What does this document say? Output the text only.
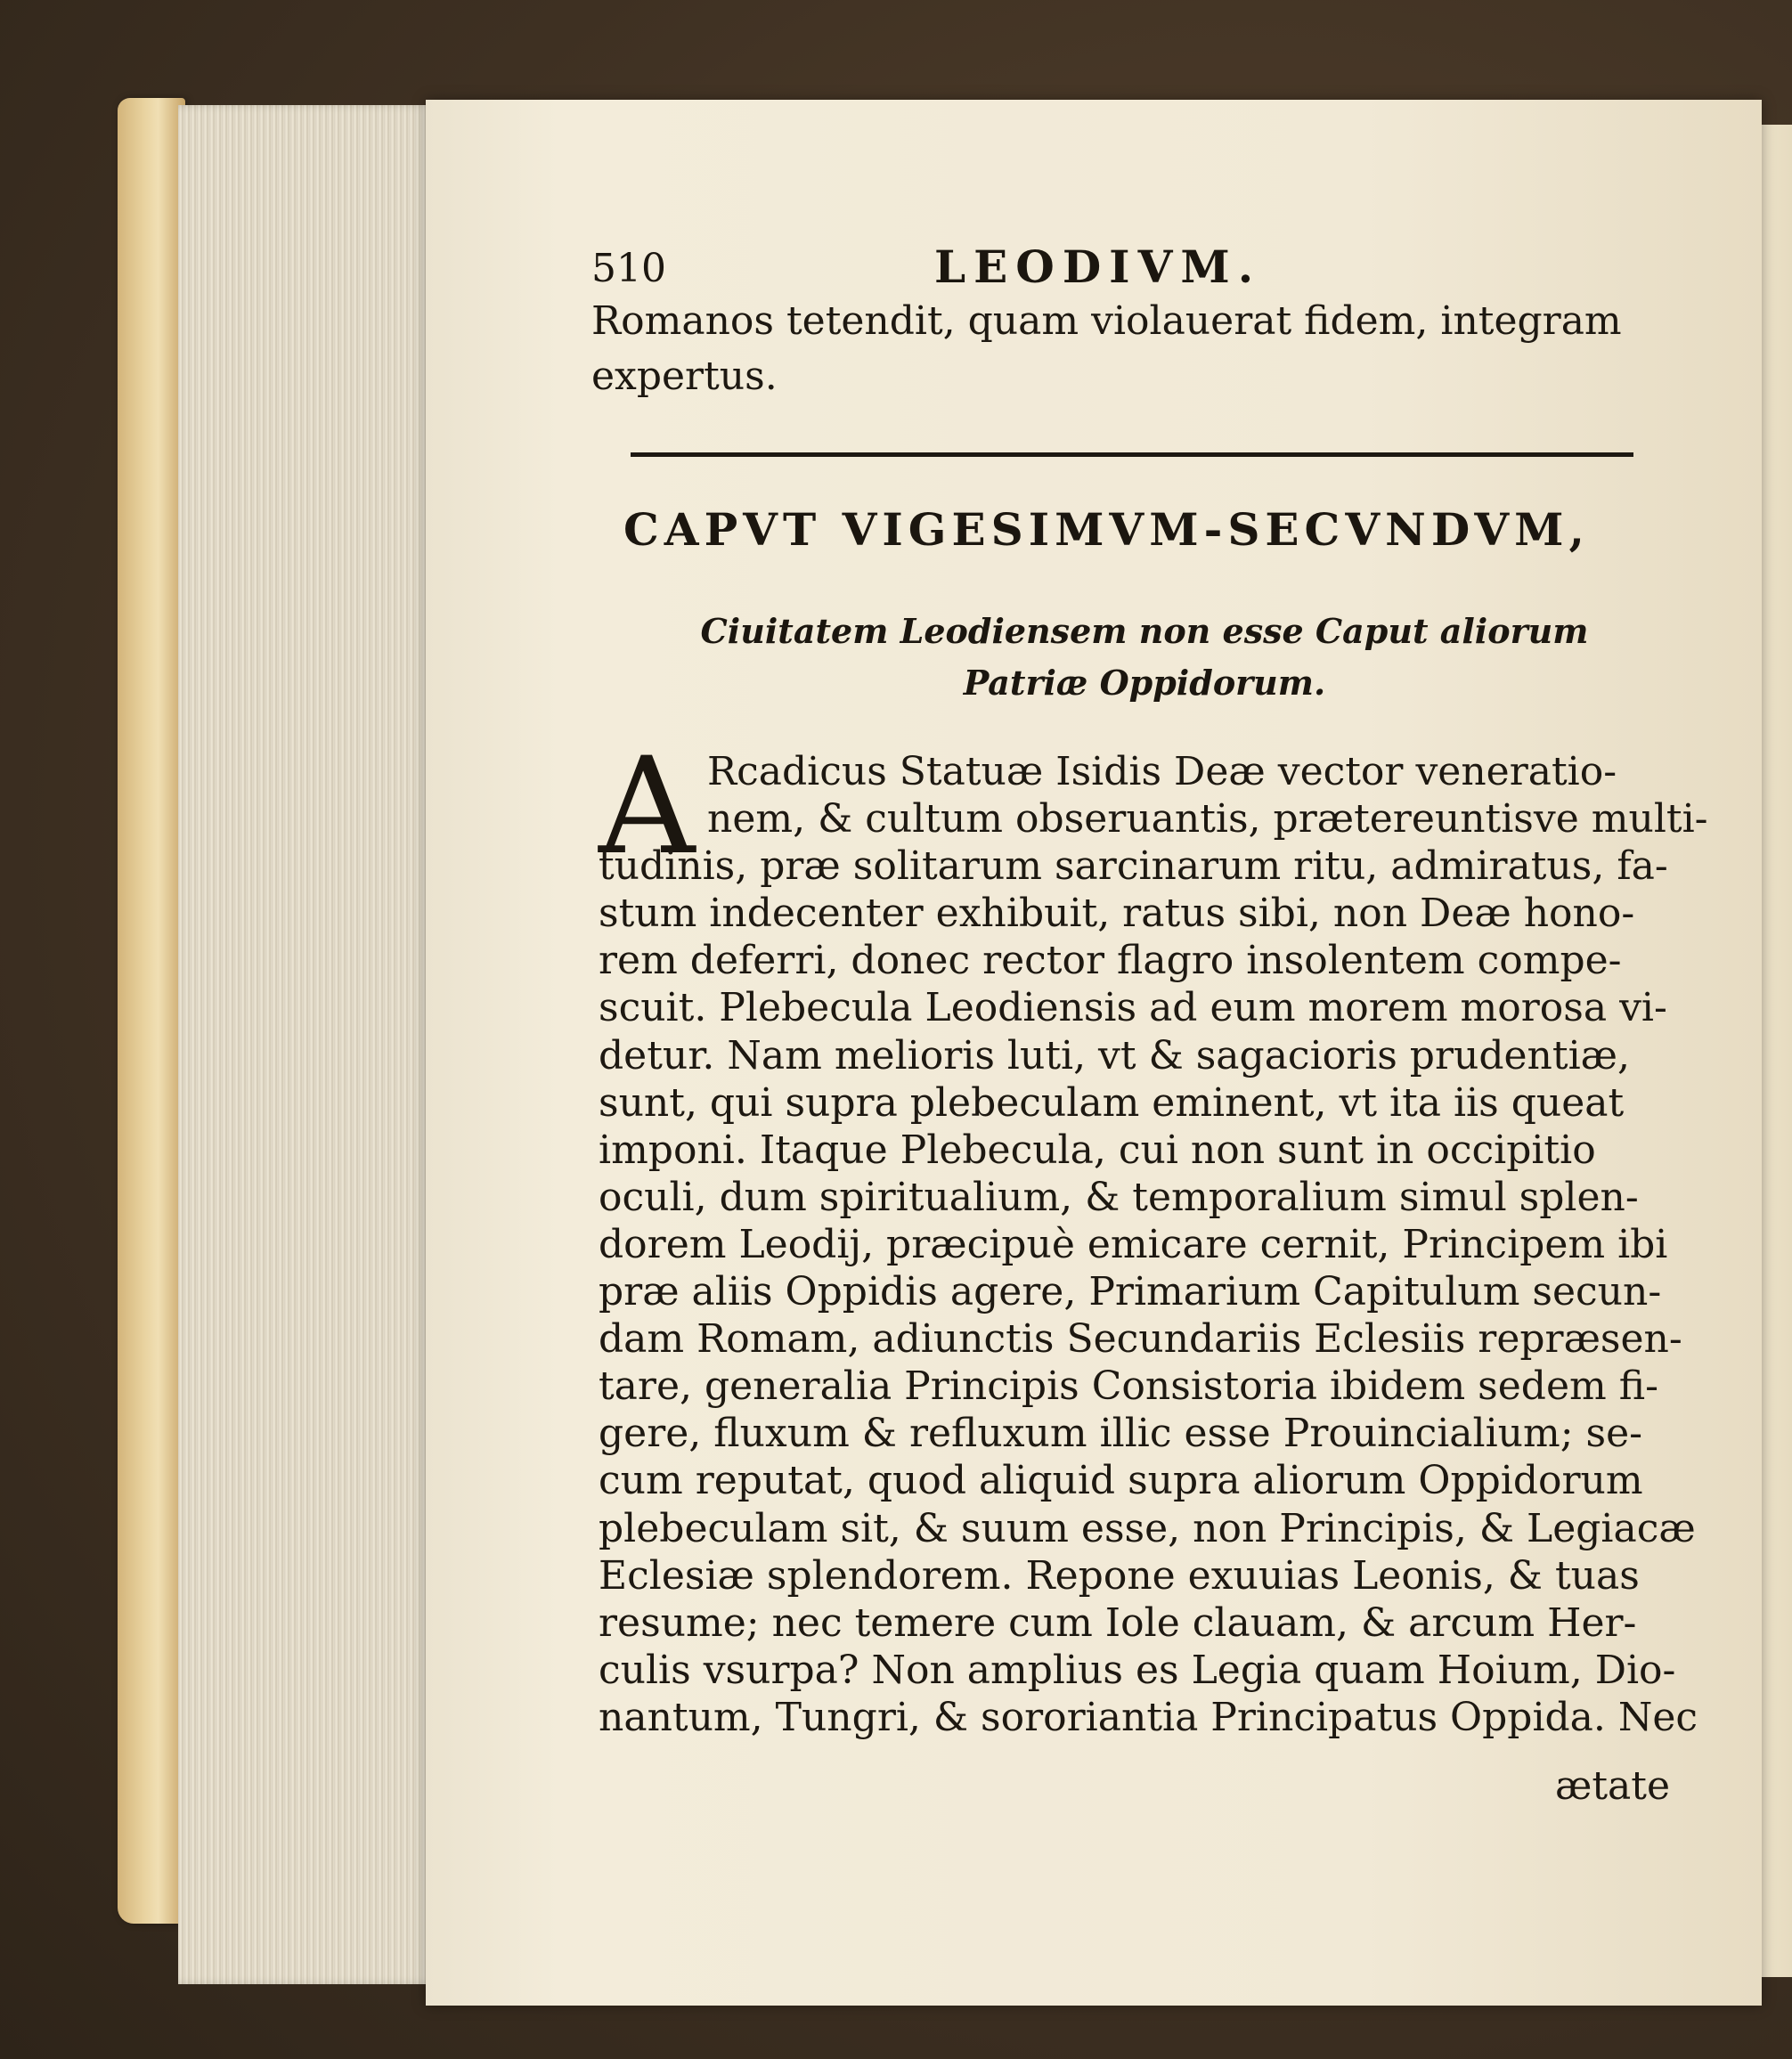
510	LEODIVM.
Romanos tetendit, quam violauerat fidem, integram
expertus.
CAPVT VIGESIMVM-SECVNDVM,
Ciuitatem Leodiensem non esse Caput aliorum
Patriæ Oppidorum.
A Rcadicus Statuæ Isidis Deæ vector veneratio-
nem, & cultum obseruantis, prætereuntisve multi-
tudinis, præ solitarum sarcinarum ritu, admiratus, fa-
stum indecenter exhibuit, ratus sibi, non Deæ hono-
rem deferri, donec rector flagro insolentem compe-
scuit. Plebecula Leodiensis ad eum morem morosa vi-
detur. Nam melioris luti, vt & sagacioris prudentiæ,
sunt, qui supra plebeculam eminent, vt ita iis queat
imponi. Itaque Plebecula, cui non sunt in occipitio
oculi, dum spiritualium, & temporalium simul splen-
dorem Leodij, præcipuè emicare cernit, Principem ibi
præ aliis Oppidis agere, Primarium Capitulum secun-
dam Romam, adiunctis Secundariis Eclesiis repræsen-
tare, generalia Principis Consistoria ibidem sedem fi-
gere, fluxum & refluxum illic esse Prouincialium; se-
cum reputat, quod aliquid supra aliorum Oppidorum
plebeculam sit, & suum esse, non Principis, & Legiacæ
Eclesiæ splendorem. Repone exuuias Leonis, & tuas
resume; nec temere cum Iole clauam, & arcum Her-
culis vsurpa? Non amplius es Legia quam Hoium, Dio-
nantum, Tungri, & sororiantia Principatus Oppida. Nec
ætate
